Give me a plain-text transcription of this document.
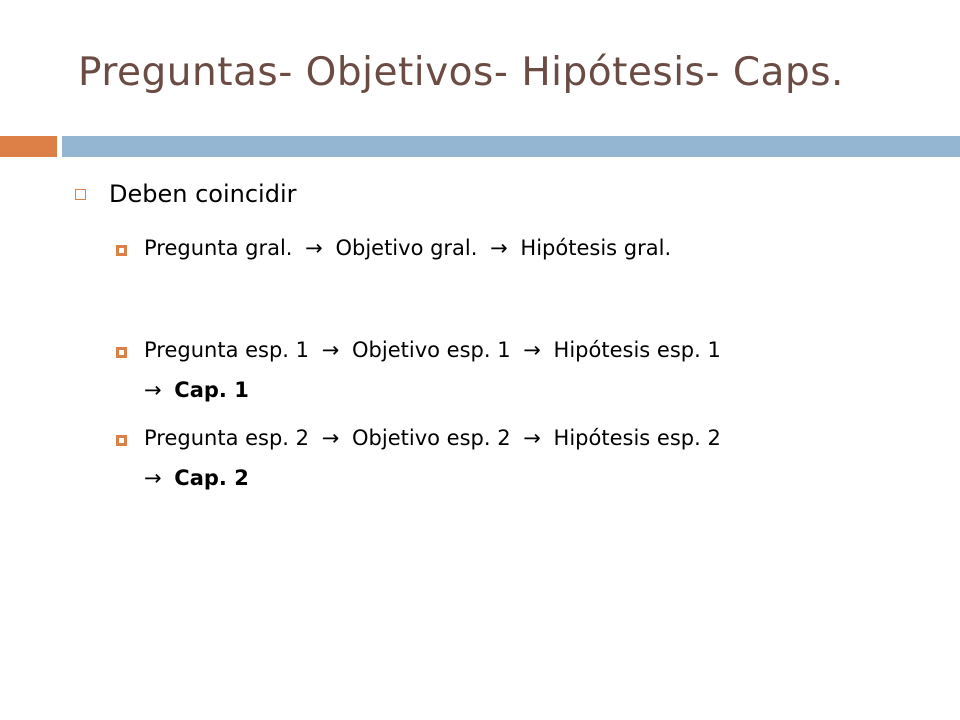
Preguntas- Objetivos- Hipótesis- Caps.
Deben coincidir
Pregunta gral. → Objetivo gral. → Hipótesis gral.
Pregunta esp. 1 → Objetivo esp. 1 → Hipótesis esp. 1
→ Cap. 1
Pregunta esp. 2 → Objetivo esp. 2 → Hipótesis esp. 2
→ Cap. 2
